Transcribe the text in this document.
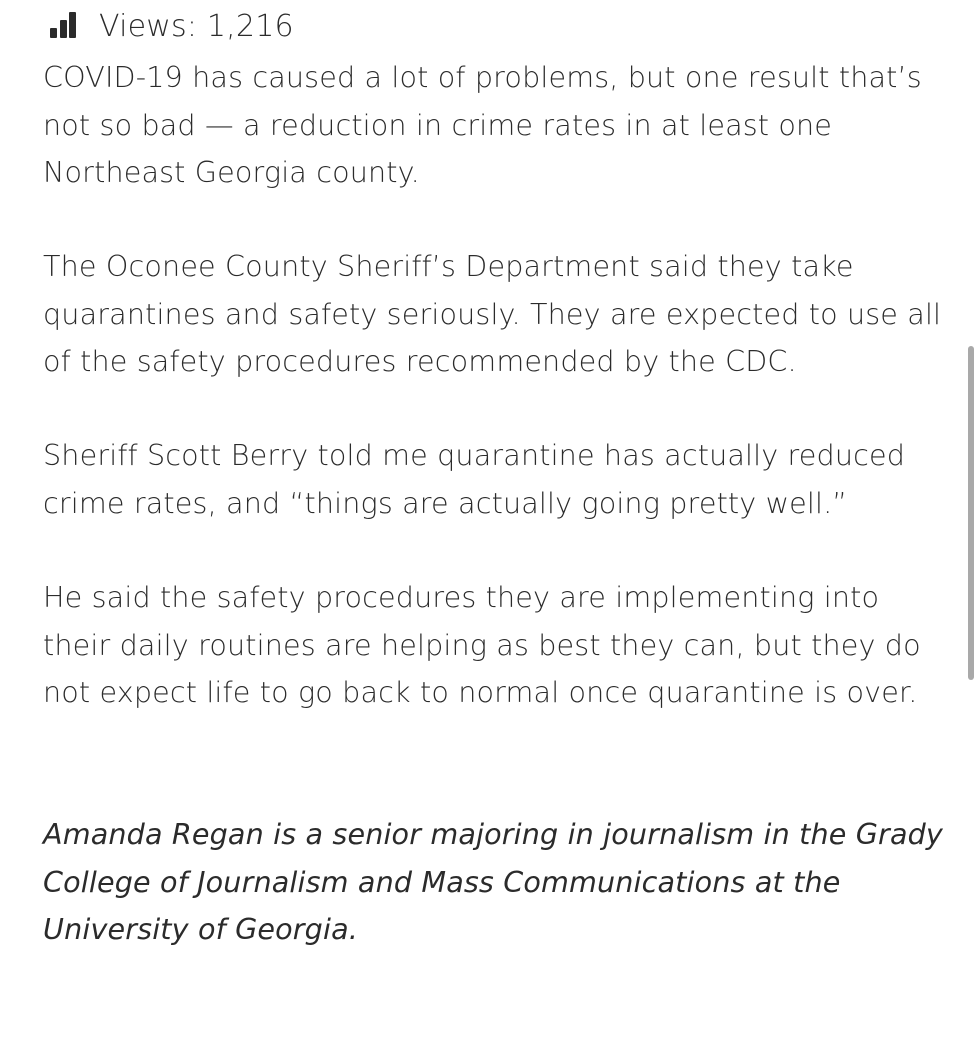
Views:
1,216

COVID-19 has caused a lot of problems, but one result that’s not so bad — a reduction in crime rates in at least one Northeast Georgia county.

The Oconee County Sheriff’s Department said they take quarantines and safety seriously. They are expected to use all of the safety procedures recommended by the CDC.

Sheriff Scott Berry told me quarantine has actually reduced crime rates, and “things are actually going pretty well.”

He said the safety procedures they are implementing into their daily routines are helping as best they can, but they do not expect life to go back to normal once quarantine is over.

Amanda Regan is a senior majoring in journalism in the Grady College of Journalism and Mass Communications at the University of Georgia.
